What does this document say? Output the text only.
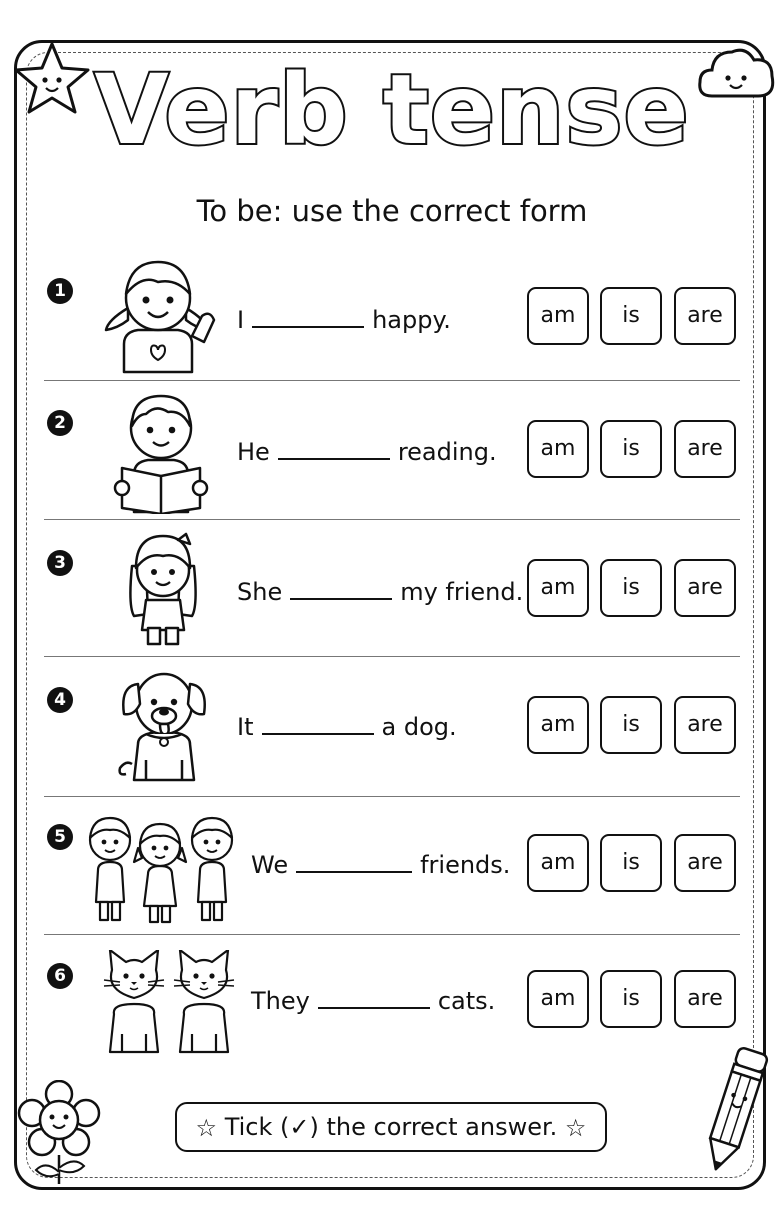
Verb tense
To be: use the correct form
1
I	happy.	am	is	are
2
He	reading.	am	is	are
3
She	my friend. am	is	are
4
It	a dog.	am	is	are
5
We	friends.	am	is	are
6
They	cats.	am	is	are
☆ Tick (✓) the correct answer. ☆
